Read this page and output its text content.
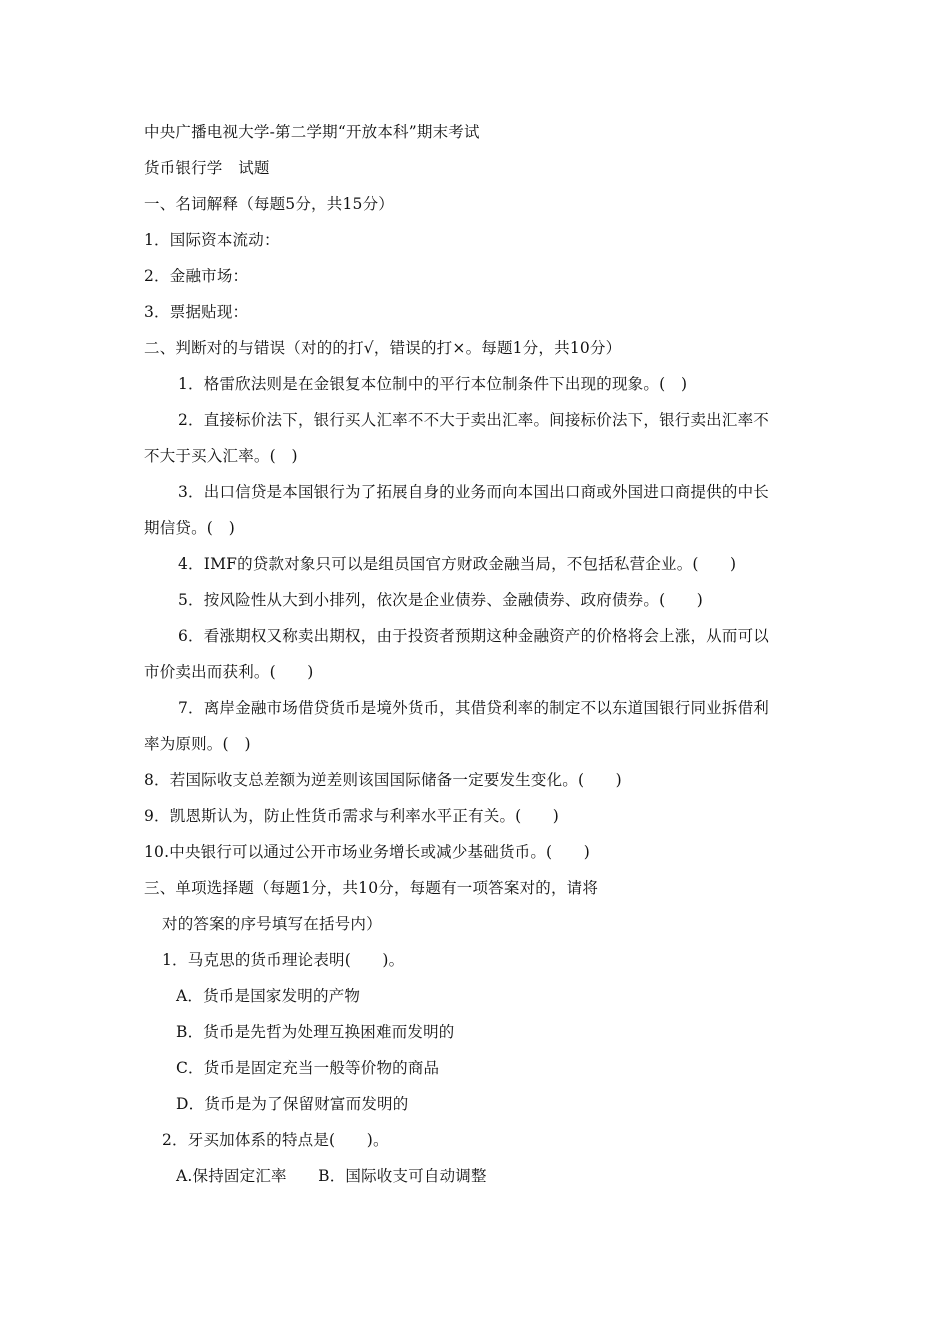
中央广播电视大学-第二学期“开放本科”期末考试
货币银行学　试题
一、名词解释（每题5分，共15分）
1．国际资本流动：
2．金融市场：
3．票据贴现：
二、判断对的与错误（对的的打√，错误的打×。每题1分，共10分）
1．格雷欣法则是在金银复本位制中的平行本位制条件下出现的现象。(　)
2．直接标价法下，银行买人汇率不不大于卖出汇率。间接标价法下，银行卖出汇率不
不大于买入汇率。(　)
3．出口信贷是本国银行为了拓展自身的业务而向本国出口商或外国进口商提供的中长
期信贷。(　)
4．IMF的贷款对象只可以是组员国官方财政金融当局，不包括私营企业。(　　)
5．按风险性从大到小排列，依次是企业债券、金融债券、政府债券。(　　)
6．看涨期权又称卖出期权，由于投资者预期这种金融资产的价格将会上涨，从而可以
市价卖出而获利。(　　)
7．离岸金融市场借贷货币是境外货币，其借贷利率的制定不以东道国银行同业拆借利
率为原则。(　)
8．若国际收支总差额为逆差则该国国际储备一定要发生变化。(　　)
9．凯恩斯认为，防止性货币需求与利率水平正有关。(　　)
10.中央银行可以通过公开市场业务增长或减少基础货币。(　　)
三、单项选择题（每题1分，共10分，每题有一项答案对的，请将
对的答案的序号填写在括号内）
1．马克思的货币理论表明(　　)。
A．货币是国家发明的产物
B．货币是先哲为处理互换困难而发明的
C．货币是固定充当一般等价物的商品
D．货币是为了保留财富而发明的
2．牙买加体系的特点是(　　)。
A.保持固定汇率　　B．国际收支可自动调整
